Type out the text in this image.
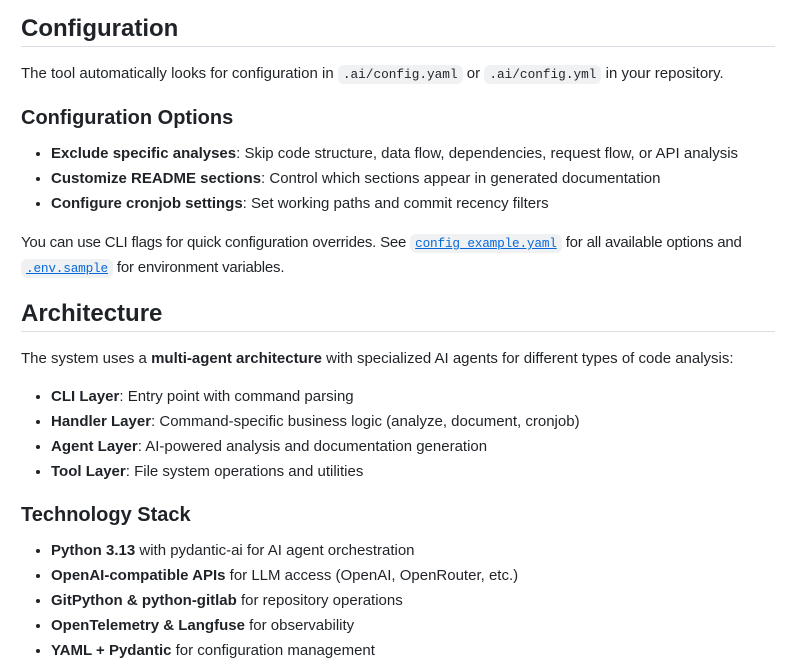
Configuration

The tool automatically looks for configuration in .ai/config.yaml or .ai/config.yml in your repository.

Configuration Options
• Exclude specific analyses: Skip code structure, data flow, dependencies, request flow, or API analysis
• Customize README sections: Control which sections appear in generated documentation
• Configure cronjob settings: Set working paths and commit recency filters

You can use CLI flags for quick configuration overrides. See config_example.yaml for all available options and .env.sample for environment variables.

Architecture

The system uses a multi-agent architecture with specialized AI agents for different types of code analysis:

• CLI Layer: Entry point with command parsing
• Handler Layer: Command-specific business logic (analyze, document, cronjob)
• Agent Layer: AI-powered analysis and documentation generation
• Tool Layer: File system operations and utilities
Technology Stack
• Python 3.13 with pydantic-ai for AI agent orchestration
• OpenAI-compatible APIs for LLM access (OpenAI, OpenRouter, etc.)
• GitPython & python-gitlab for repository operations
• OpenTelemetry & Langfuse for observability
• YAML + Pydantic for configuration management
